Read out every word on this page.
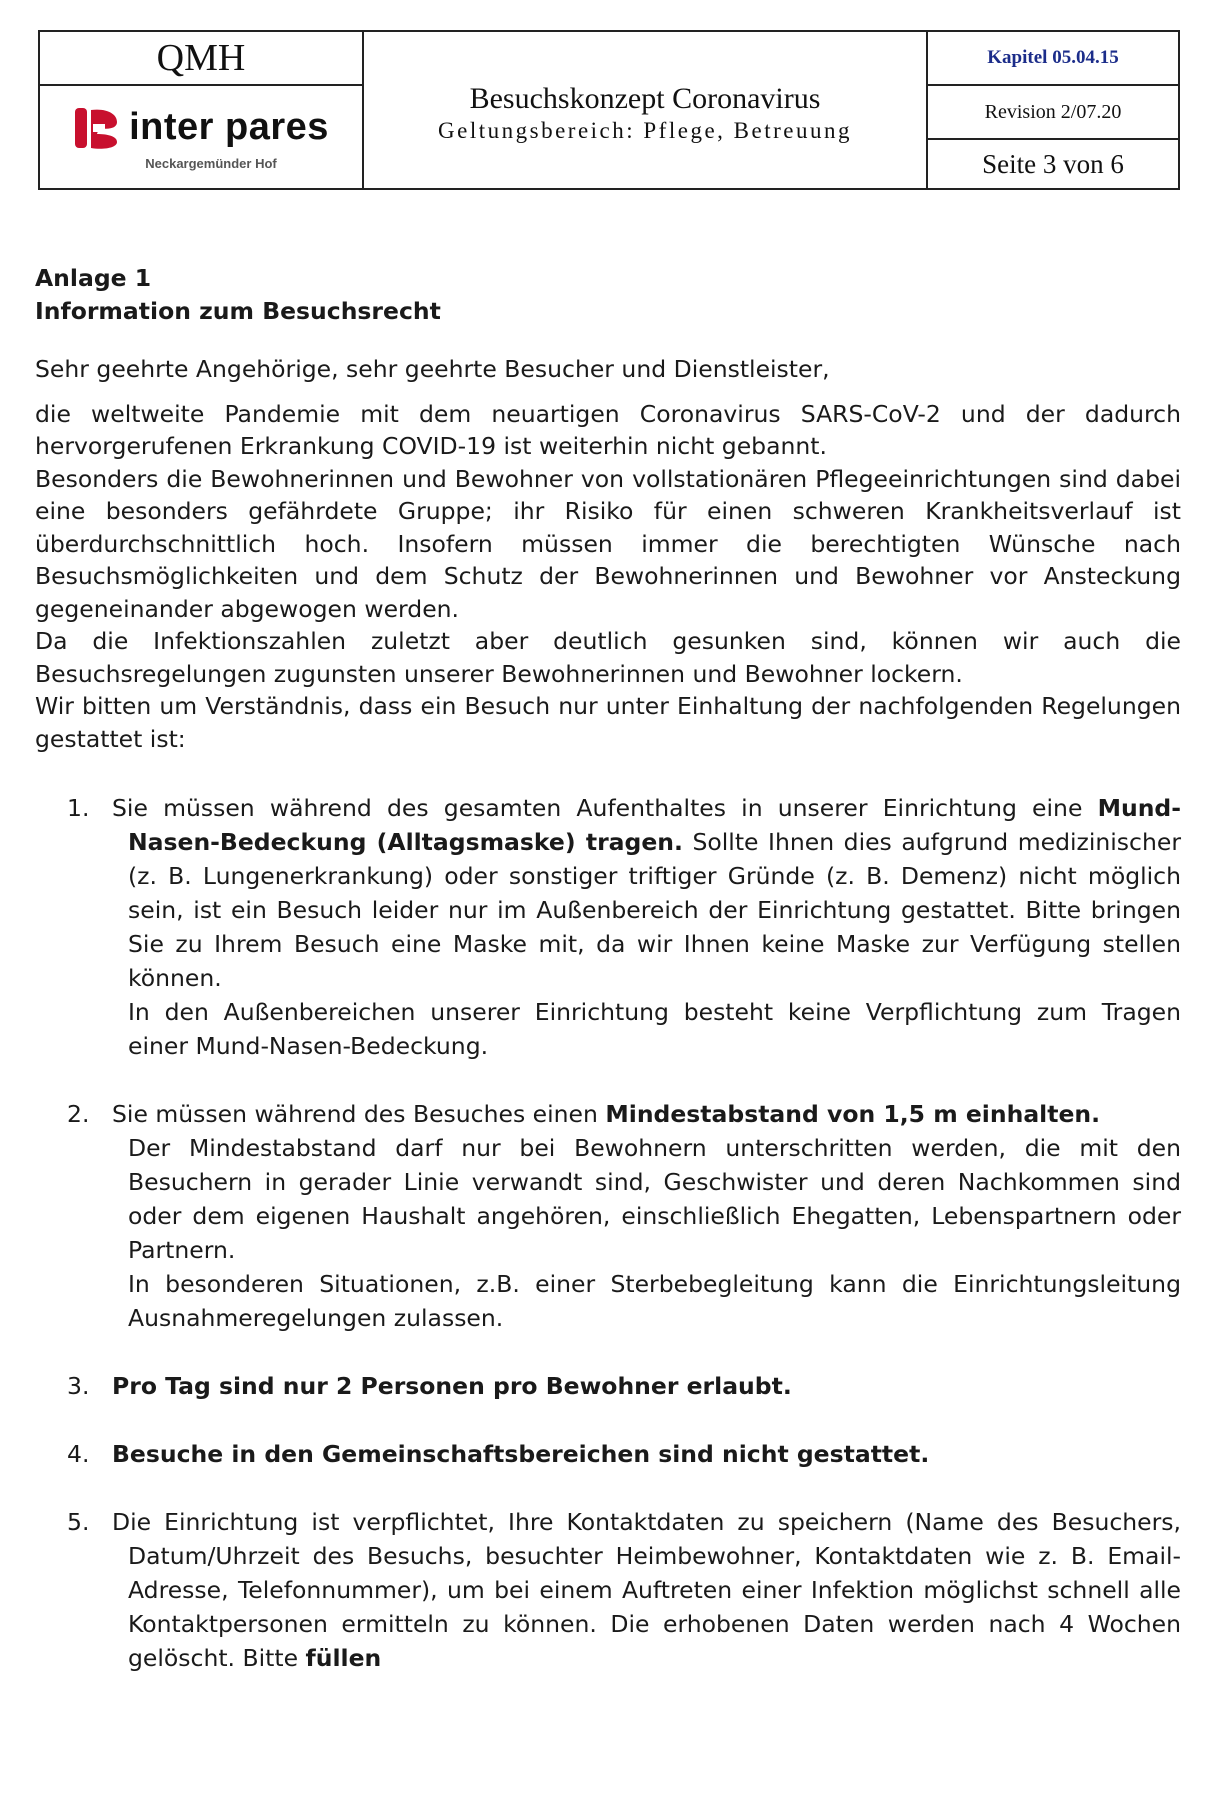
QMH
inter pares
Neckargemünder Hof
Besuchskonzept Coronavirus
Geltungsbereich: Pflege, Betreuung
Kapitel 05.04.15
Revision 2/07.20
Seite 3 von 6
Anlage 1
Information zum Besuchsrecht

Sehr geehrte Angehörige, sehr geehrte Besucher und Dienstleister,

die weltweite Pandemie mit dem neuartigen Coronavirus SARS-CoV-2 und der dadurch hervorgerufenen Erkrankung COVID-19 ist weiterhin nicht gebannt.

Besonders die Bewohnerinnen und Bewohner von vollstationären Pflegeeinrichtungen sind dabei eine besonders gefährdete Gruppe; ihr Risiko für einen schweren Krankheitsverlauf ist überdurchschnittlich hoch. Insofern müssen immer die berechtigten Wünsche nach Besuchsmöglichkeiten und dem Schutz der Bewohnerinnen und Bewohner vor Ansteckung gegeneinander abgewogen werden.

Da die Infektionszahlen zuletzt aber deutlich gesunken sind, können wir auch die Besuchsregelungen zugunsten unserer Bewohnerinnen und Bewohner lockern.

Wir bitten um Verständnis, dass ein Besuch nur unter Einhaltung der nachfolgenden Regelungen gestattet ist:

1. Sie müssen während des gesamten Aufenthaltes in unserer Einrichtung eine Mund-Nasen-Bedeckung (Alltagsmaske) tragen. Sollte Ihnen dies aufgrund medizinischer (z. B. Lungenerkrankung) oder sonstiger triftiger Gründe (z. B. Demenz) nicht möglich sein, ist ein Besuch leider nur im Außenbereich der Einrichtung gestattet. Bitte bringen Sie zu Ihrem Besuch eine Maske mit, da wir Ihnen keine Maske zur Verfügung stellen können.
In den Außenbereichen unserer Einrichtung besteht keine Verpflichtung zum Tragen einer Mund-Nasen-Bedeckung.
2. Sie müssen während des Besuches einen Mindestabstand von 1,5 m einhalten.
Der Mindestabstand darf nur bei Bewohnern unterschritten werden, die mit den Besuchern in gerader Linie verwandt sind, Geschwister und deren Nachkommen sind oder dem eigenen Haushalt angehören, einschließlich Ehegatten, Lebenspartnern oder Partnern.
In besonderen Situationen, z.B. einer Sterbebegleitung kann die Einrichtungsleitung Ausnahmeregelungen zulassen.
3. Pro Tag sind nur 2 Personen pro Bewohner erlaubt.
4. Besuche in den Gemeinschaftsbereichen sind nicht gestattet.
5. Die Einrichtung ist verpflichtet, Ihre Kontaktdaten zu speichern (Name des Besuchers, Datum/Uhrzeit des Besuchs, besuchter Heimbewohner, Kontaktdaten wie z. B. Email-Adresse, Telefonnummer), um bei einem Auftreten einer Infektion möglichst schnell alle Kontaktpersonen ermitteln zu können. Die erhobenen Daten werden nach 4 Wochen gelöscht. Bitte füllen
